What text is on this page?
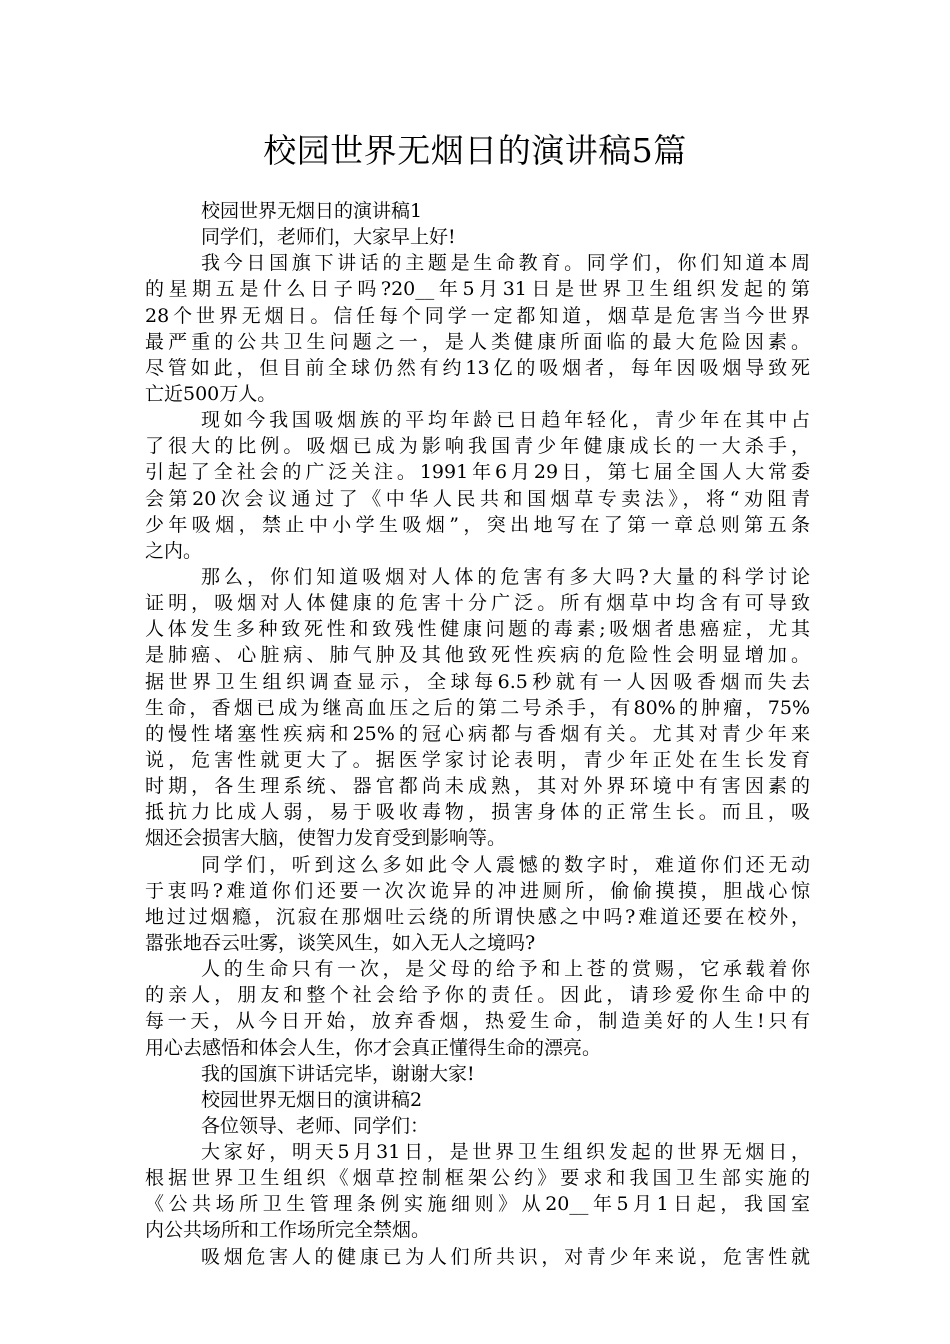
校园世界无烟日的演讲稿5篇
校园世界无烟日的演讲稿1
同学们，老师们，大家早上好!
我今日国旗下讲话的主题是生命教育。同学们，你们知道本周
的星期五是什么日子吗?20__年5月31日是世界卫生组织发起的第
28个世界无烟日。信任每个同学一定都知道，烟草是危害当今世界
最严重的公共卫生问题之一，是人类健康所面临的最大危险因素。
尽管如此，但目前全球仍然有约13亿的吸烟者，每年因吸烟导致死
亡近500万人。
现如今我国吸烟族的平均年龄已日趋年轻化，青少年在其中占
了很大的比例。吸烟已成为影响我国青少年健康成长的一大杀手，
引起了全社会的广泛关注。1991年6月29日，第七届全国人大常委
会第20次会议通过了《中华人民共和国烟草专卖法》，将“劝阻青
少年吸烟，禁止中小学生吸烟”，突出地写在了第一章总则第五条
之内。
那么，你们知道吸烟对人体的危害有多大吗?大量的科学讨论
证明，吸烟对人体健康的危害十分广泛。所有烟草中均含有可导致
人体发生多种致死性和致残性健康问题的毒素;吸烟者患癌症，尤其
是肺癌、心脏病、肺气肿及其他致死性疾病的危险性会明显增加。
据世界卫生组织调查显示，全球每6.5秒就有一人因吸香烟而失去
生命，香烟已成为继高血压之后的第二号杀手，有80%的肿瘤，75%
的慢性堵塞性疾病和25%的冠心病都与香烟有关。尤其对青少年来
说，危害性就更大了。据医学家讨论表明，青少年正处在生长发育
时期，各生理系统、器官都尚未成熟，其对外界环境中有害因素的
抵抗力比成人弱，易于吸收毒物，损害身体的正常生长。而且，吸
烟还会损害大脑，使智力发育受到影响等。
同学们，听到这么多如此令人震憾的数字时，难道你们还无动
于衷吗?难道你们还要一次次诡异的冲进厕所，偷偷摸摸，胆战心惊
地过过烟瘾，沉寂在那烟吐云绕的所谓快感之中吗?难道还要在校外，
嚣张地吞云吐雾，谈笑风生，如入无人之境吗?
人的生命只有一次，是父母的给予和上苍的赏赐，它承载着你
的亲人，朋友和整个社会给予你的责任。因此，请珍爱你生命中的
每一天，从今日开始，放弃香烟，热爱生命，制造美好的人生!只有
用心去感悟和体会人生，你才会真正懂得生命的漂亮。
我的国旗下讲话完毕，谢谢大家!
校园世界无烟日的演讲稿2
各位领导、老师、同学们：
大家好，明天5月31日，是世界卫生组织发起的世界无烟日，
根据世界卫生组织《烟草控制框架公约》要求和我国卫生部实施的
《公共场所卫生管理条例实施细则》从20__年5月1日起，我国室
内公共场所和工作场所完全禁烟。
吸烟危害人的健康已为人们所共识，对青少年来说，危害性就
